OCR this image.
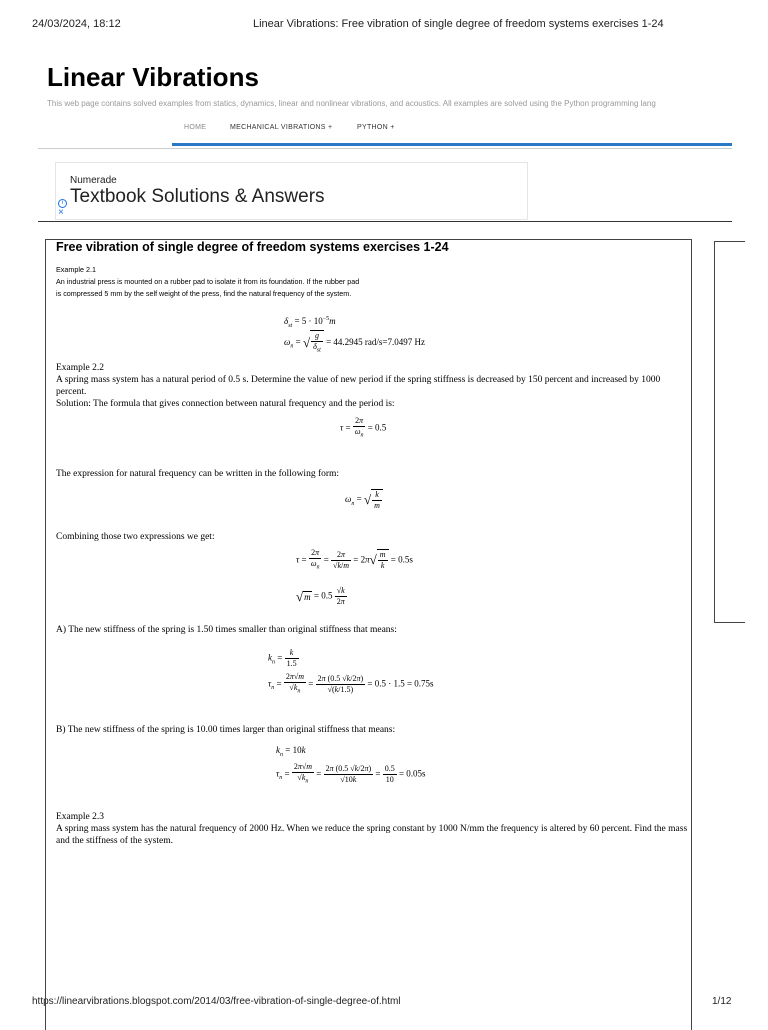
24/03/2024, 18:12	Linear Vibrations: Free vibration of single degree of freedom systems exercises 1-24
https://linearvibrations.blogspot.com/2014/03/free-vibration-of-single-degree-of.html	1/12
Linear Vibrations
This web page contains solved examples from statics, dynamics, linear and nonlinear vibrations, and acoustics. All examples are solved using the Python programming lang
HOME	MECHANICAL VIBRATIONS +	PYTHON +
Numerade
Textbook Solutions & Answers
i
×
Free vibration of single degree of freedom systems exercises 1-24
Example 2.1
An industrial press is mounted on a rubber pad to isolate it from its foundation. If the rubber pad
is compressed 5 mm by the self weight of the press, find the natural frequency of the system.
$\delta_{st} = 5 \cdot 10^{-5}m$
$\omega_n$ = √ $\frac{g}{\delta_{st}} = 44.2945$ rad/s=7.0497 Hz
Example 2.2
A spring mass system has a natural period of 0.5 s. Determine the value of new period if the spring stiffness is decreased by 150 percent and increased by 1000 percent.
Solution: The formula that gives connection between natural frequency and the period is:
$\tau = \frac{2\pi}{\omega_n} = 0.5$
The expression for natural frequency can be written in the following form:
$\omega_n$ = √ $\frac{k}{m}$
Combining those two expressions we get:
$\tau = \frac{2\pi}{\omega_n} = \frac{2\pi}{√k/m} = 2\pi√ \frac{m}{k} = 0.5s$
$√m = 0.5 \frac{√k}{2\pi}$
A) The new stiffness of the spring is 1.50 times smaller than original stiffness that means:
$k_n = \frac{k}{1.5}$
$\tau_n = \frac{2\pi√m}{√k_n} = \frac{2\pi (0.5 √k/2\pi)}{√(k/1.5)} = 0.5 \cdot 1.5 = 0.75s$
B) The new stiffness of the spring is 10.00 times larger than original stiffness that means:
$k_n = 10k$
$\tau_n = \frac{2\pi√m}{√k_n} = \frac{2\pi (0.5 √k/2\pi)}{√10k} = \frac{0.5}{10} = 0.05s$
Example 2.3
A spring mass system has the natural frequency of 2000 Hz. When we reduce the spring constant by 1000 N/mm the frequency is altered by 60 percent. Find the mass and the stiffness of the system.
